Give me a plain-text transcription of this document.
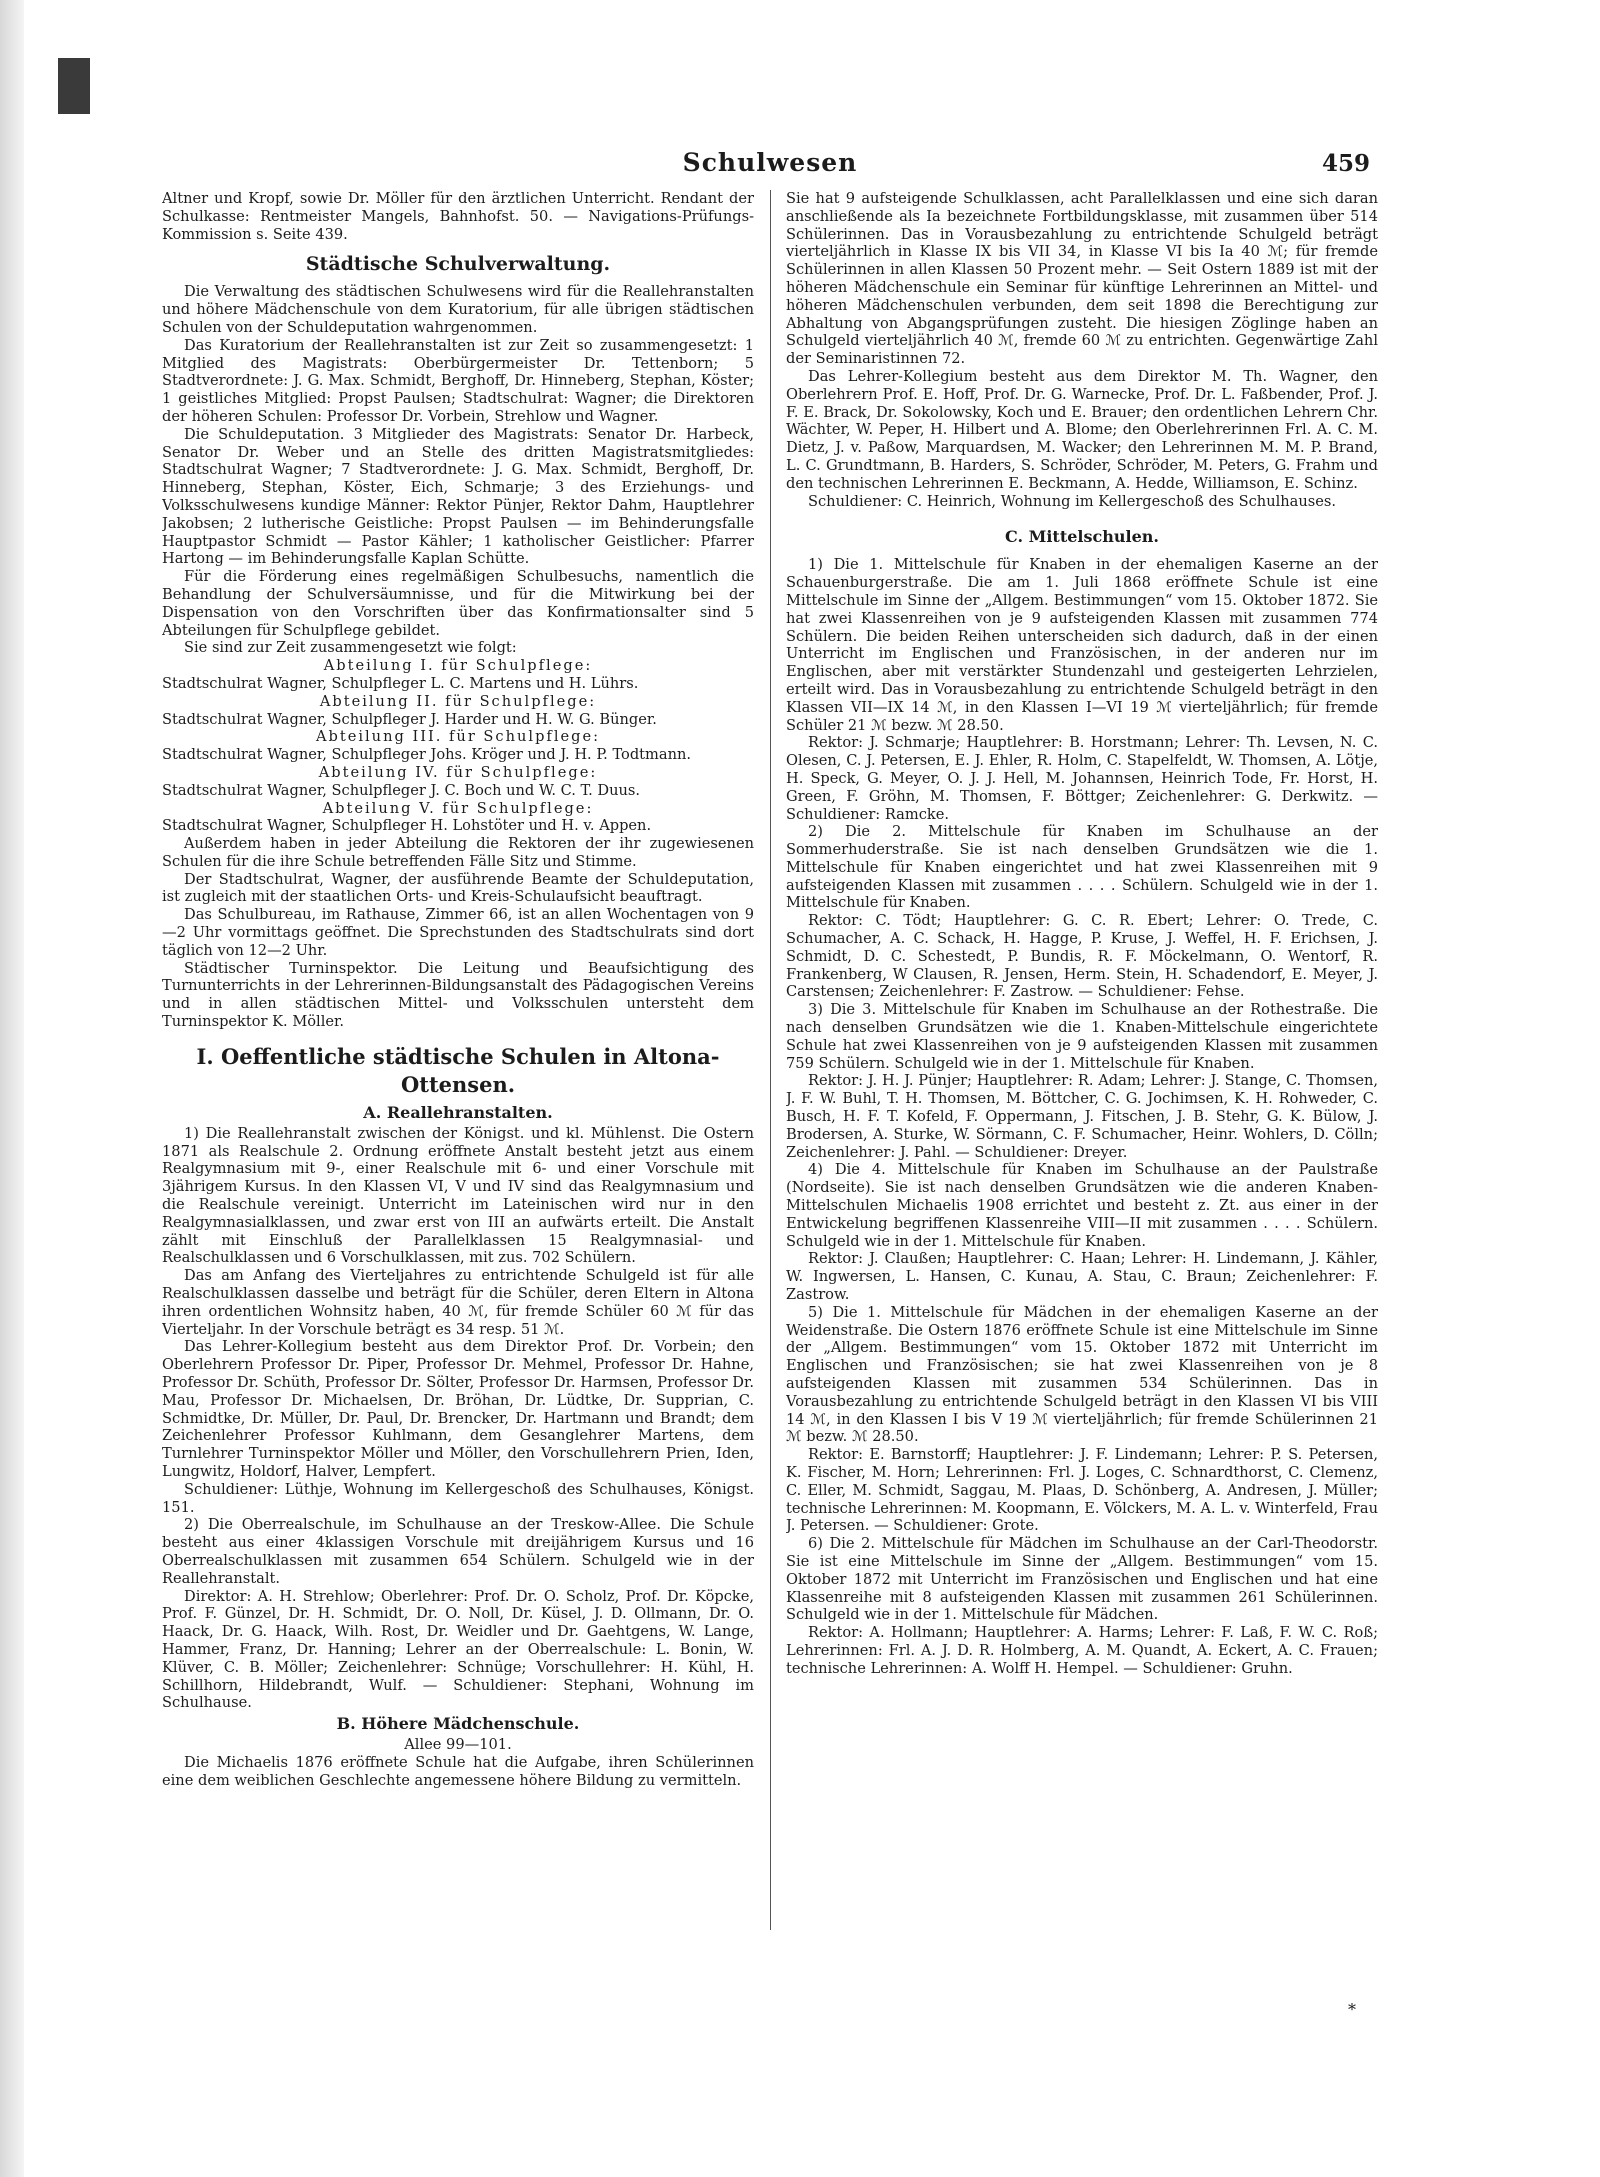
Schulwesen	459

Altner und Kropf, sowie Dr. Möller für den ärztlichen Unterricht. Rendant der Schulkasse: Rentmeister Mangels, Bahnhofst. 50. — Navigations-Prüfungs-Kommission s. Seite 439.

Städtische Schulverwaltung.

Die Verwaltung des städtischen Schulwesens wird für die Reallehranstalten und höhere Mädchenschule von dem Kuratorium, für alle übrigen städtischen Schulen von der Schuldeputation wahrgenommen.

Das Kuratorium der Reallehranstalten ist zur Zeit so zusammengesetzt: 1 Mitglied des Magistrats: Oberbürgermeister Dr. Tettenborn; 5 Stadtverordnete: J. G. Max. Schmidt, Berghoff, Dr. Hinneberg, Stephan, Köster; 1 geistliches Mitglied: Propst Paulsen; Stadtschulrat: Wagner; die Direktoren der höheren Schulen: Professor Dr. Vorbein, Strehlow und Wagner.

Die Schuldeputation. 3 Mitglieder des Magistrats: Senator Dr. Harbeck, Senator Dr. Weber und an Stelle des dritten Magistratsmitgliedes: Stadtschulrat Wagner; 7 Stadtverordnete: J. G. Max. Schmidt, Berghoff, Dr. Hinneberg, Stephan, Köster, Eich, Schmarje; 3 des Erziehungs- und Volksschulwesens kundige Männer: Rektor Pünjer, Rektor Dahm, Hauptlehrer Jakobsen; 2 lutherische Geistliche: Propst Paulsen — im Behinderungsfalle Hauptpastor Schmidt — Pastor Kähler; 1 katholischer Geistlicher: Pfarrer Hartong — im Behinderungsfalle Kaplan Schütte.

Für die Förderung eines regelmäßigen Schulbesuchs, namentlich die Behandlung der Schulversäumnisse, und für die Mitwirkung bei der Dispensation von den Vorschriften über das Konfirmationsalter sind 5 Abteilungen für Schulpflege gebildet.

Sie sind zur Zeit zusammengesetzt wie folgt:

Abteilung I. für Schulpflege:

Stadtschulrat Wagner, Schulpfleger L. C. Martens und H. Lührs.

Abteilung II. für Schulpflege:

Stadtschulrat Wagner, Schulpfleger J. Harder und H. W. G. Bünger.

Abteilung III. für Schulpflege:

Stadtschulrat Wagner, Schulpfleger Johs. Kröger und J. H. P. Todtmann.

Abteilung IV. für Schulpflege:

Stadtschulrat Wagner, Schulpfleger J. C. Boch und W. C. T. Duus.

Abteilung V. für Schulpflege:

Stadtschulrat Wagner, Schulpfleger H. Lohstöter und H. v. Appen.

Außerdem haben in jeder Abteilung die Rektoren der ihr zugewiesenen Schulen für die ihre Schule betreffenden Fälle Sitz und Stimme.

Der Stadtschulrat, Wagner, der ausführende Beamte der Schuldeputation, ist zugleich mit der staatlichen Orts- und Kreis-Schulaufsicht beauftragt.

Das Schulbureau, im Rathause, Zimmer 66, ist an allen Wochentagen von 9—2 Uhr vormittags geöffnet. Die Sprechstunden des Stadtschulrats sind dort täglich von 12—2 Uhr.

Städtischer Turninspektor. Die Leitung und Beaufsichtigung des Turnunterrichts in der Lehrerinnen-Bildungsanstalt des Pädagogischen Vereins und in allen städtischen Mittel- und Volksschulen untersteht dem Turninspektor K. Möller.

I. Oeffentliche städtische Schulen in Altona-Ottensen.
A. Reallehranstalten.

1) Die Reallehranstalt zwischen der Königst. und kl. Mühlenst. Die Ostern 1871 als Realschule 2. Ordnung eröffnete Anstalt besteht jetzt aus einem Realgymnasium mit 9-, einer Realschule mit 6- und einer Vorschule mit 3jährigem Kursus. In den Klassen VI, V und IV sind das Realgymnasium und die Realschule vereinigt. Unterricht im Lateinischen wird nur in den Realgymnasialklassen, und zwar erst von III an aufwärts erteilt. Die Anstalt zählt mit Einschluß der Parallelklassen 15 Realgymnasial- und Realschulklassen und 6 Vorschulklassen, mit zus. 702 Schülern.

Das am Anfang des Vierteljahres zu entrichtende Schulgeld ist für alle Realschulklassen dasselbe und beträgt für die Schüler, deren Eltern in Altona ihren ordentlichen Wohnsitz haben, 40 ℳ, für fremde Schüler 60 ℳ für das Vierteljahr. In der Vorschule beträgt es 34 resp. 51 ℳ.

Das Lehrer-Kollegium besteht aus dem Direktor Prof. Dr. Vorbein; den Oberlehrern Professor Dr. Piper, Professor Dr. Mehmel, Professor Dr. Hahne, Professor Dr. Schüth, Professor Dr. Sölter, Professor Dr. Harmsen, Professor Dr. Mau, Professor Dr. Michaelsen, Dr. Bröhan, Dr. Lüdtke, Dr. Supprian, C. Schmidtke, Dr. Müller, Dr. Paul, Dr. Brencker, Dr. Hartmann und Brandt; dem Zeichenlehrer Professor Kuhlmann, dem Gesanglehrer Martens, dem Turnlehrer Turninspektor Möller und Möller, den Vorschullehrern Prien, Iden, Lungwitz, Holdorf, Halver, Lempfert.

Schuldiener: Lüthje, Wohnung im Kellergeschoß des Schulhauses, Königst. 151.

2) Die Oberrealschule, im Schulhause an der Treskow-Allee. Die Schule besteht aus einer 4klassigen Vorschule mit dreijährigem Kursus und 16 Oberrealschulklassen mit zusammen 654 Schülern. Schulgeld wie in der Reallehranstalt.

Direktor: A. H. Strehlow; Oberlehrer: Prof. Dr. O. Scholz, Prof. Dr. Köpcke, Prof. F. Günzel, Dr. H. Schmidt, Dr. O. Noll, Dr. Küsel, J. D. Ollmann, Dr. O. Haack, Dr. G. Haack, Wilh. Rost, Dr. Weidler und Dr. Gaehtgens, W. Lange, Hammer, Franz, Dr. Hanning; Lehrer an der Oberrealschule: L. Bonin, W. Klüver, C. B. Möller; Zeichenlehrer: Schnüge; Vorschullehrer: H. Kühl, H. Schillhorn, Hildebrandt, Wulf. — Schuldiener: Stephani, Wohnung im Schulhause.

B. Höhere Mädchenschule.

Allee 99—101.

Die Michaelis 1876 eröffnete Schule hat die Aufgabe, ihren Schülerinnen eine dem weiblichen Geschlechte angemessene höhere Bildung zu vermitteln.

Sie hat 9 aufsteigende Schulklassen, acht Parallelklassen und eine sich daran anschließende als Ia bezeichnete Fortbildungsklasse, mit zusammen über 514 Schülerinnen. Das in Vorausbezahlung zu entrichtende Schulgeld beträgt vierteljährlich in Klasse IX bis VII 34, in Klasse VI bis Ia 40 ℳ; für fremde Schülerinnen in allen Klassen 50 Prozent mehr. — Seit Ostern 1889 ist mit der höheren Mädchenschule ein Seminar für künftige Lehrerinnen an Mittel- und höheren Mädchenschulen verbunden, dem seit 1898 die Berechtigung zur Abhaltung von Abgangsprüfungen zusteht. Die hiesigen Zöglinge haben an Schulgeld vierteljährlich 40 ℳ, fremde 60 ℳ zu entrichten. Gegenwärtige Zahl der Seminaristinnen 72.

Das Lehrer-Kollegium besteht aus dem Direktor M. Th. Wagner, den Oberlehrern Prof. E. Hoff, Prof. Dr. G. Warnecke, Prof. Dr. L. Faßbender, Prof. J. F. E. Brack, Dr. Sokolowsky, Koch und E. Brauer; den ordentlichen Lehrern Chr. Wächter, W. Peper, H. Hilbert und A. Blome; den Oberlehrerinnen Frl. A. C. M. Dietz, J. v. Paßow, Marquardsen, M. Wacker; den Lehrerinnen M. M. P. Brand, L. C. Grundtmann, B. Harders, S. Schröder, Schröder, M. Peters, G. Frahm und den technischen Lehrerinnen E. Beckmann, A. Hedde, Williamson, E. Schinz.

Schuldiener: C. Heinrich, Wohnung im Kellergeschoß des Schulhauses.

C. Mittelschulen.

1) Die 1. Mittelschule für Knaben in der ehemaligen Kaserne an der Schauenburgerstraße. Die am 1. Juli 1868 eröffnete Schule ist eine Mittelschule im Sinne der „Allgem. Bestimmungen“ vom 15. Oktober 1872. Sie hat zwei Klassenreihen von je 9 aufsteigenden Klassen mit zusammen 774 Schülern. Die beiden Reihen unterscheiden sich dadurch, daß in der einen Unterricht im Englischen und Französischen, in der anderen nur im Englischen, aber mit verstärkter Stundenzahl und gesteigerten Lehrzielen, erteilt wird. Das in Vorausbezahlung zu entrichtende Schulgeld beträgt in den Klassen VII—IX 14 ℳ, in den Klassen I—VI 19 ℳ vierteljährlich; für fremde Schüler 21 ℳ bezw. ℳ 28.50.

Rektor: J. Schmarje; Hauptlehrer: B. Horstmann; Lehrer: Th. Levsen, N. C. Olesen, C. J. Petersen, E. J. Ehler, R. Holm, C. Stapelfeldt, W. Thomsen, A. Lötje, H. Speck, G. Meyer, O. J. J. Hell, M. Johannsen, Heinrich Tode, Fr. Horst, H. Green, F. Gröhn, M. Thomsen, F. Böttger; Zeichenlehrer: G. Derkwitz. — Schuldiener: Ramcke.

2) Die 2. Mittelschule für Knaben im Schulhause an der Sommerhuderstraße. Sie ist nach denselben Grundsätzen wie die 1. Mittelschule für Knaben eingerichtet und hat zwei Klassenreihen mit 9 aufsteigenden Klassen mit zusammen . . . . Schülern. Schulgeld wie in der 1. Mittelschule für Knaben.

Rektor: C. Tödt; Hauptlehrer: G. C. R. Ebert; Lehrer: O. Trede, C. Schumacher, A. C. Schack, H. Hagge, P. Kruse, J. Weffel, H. F. Erichsen, J. Schmidt, D. C. Schestedt, P. Bundis, R. F. Möckelmann, O. Wentorf, R. Frankenberg, W Clausen, R. Jensen, Herm. Stein, H. Schadendorf, E. Meyer, J. Carstensen; Zeichenlehrer: F. Zastrow. — Schuldiener: Fehse.

3) Die 3. Mittelschule für Knaben im Schulhause an der Rothestraße. Die nach denselben Grundsätzen wie die 1. Knaben-Mittelschule eingerichtete Schule hat zwei Klassenreihen von je 9 aufsteigenden Klassen mit zusammen 759 Schülern. Schulgeld wie in der 1. Mittelschule für Knaben.

Rektor: J. H. J. Pünjer; Hauptlehrer: R. Adam; Lehrer: J. Stange, C. Thomsen, J. F. W. Buhl, T. H. Thomsen, M. Böttcher, C. G. Jochimsen, K. H. Rohweder, C. Busch, H. F. T. Kofeld, F. Oppermann, J. Fitschen, J. B. Stehr, G. K. Bülow, J. Brodersen, A. Sturke, W. Sörmann, C. F. Schumacher, Heinr. Wohlers, D. Cölln; Zeichenlehrer: J. Pahl. — Schuldiener: Dreyer.

4) Die 4. Mittelschule für Knaben im Schulhause an der Paulstraße (Nordseite). Sie ist nach denselben Grundsätzen wie die anderen Knaben-Mittelschulen Michaelis 1908 errichtet und besteht z. Zt. aus einer in der Entwickelung begriffenen Klassenreihe VIII—II mit zusammen . . . . Schülern. Schulgeld wie in der 1. Mittelschule für Knaben.

Rektor: J. Claußen; Hauptlehrer: C. Haan; Lehrer: H. Lindemann, J. Kähler, W. Ingwersen, L. Hansen, C. Kunau, A. Stau, C. Braun; Zeichenlehrer: F. Zastrow.

5) Die 1. Mittelschule für Mädchen in der ehemaligen Kaserne an der Weidenstraße. Die Ostern 1876 eröffnete Schule ist eine Mittelschule im Sinne der „Allgem. Bestimmungen“ vom 15. Oktober 1872 mit Unterricht im Englischen und Französischen; sie hat zwei Klassenreihen von je 8 aufsteigenden Klassen mit zusammen 534 Schülerinnen. Das in Vorausbezahlung zu entrichtende Schulgeld beträgt in den Klassen VI bis VIII 14 ℳ, in den Klassen I bis V 19 ℳ vierteljährlich; für fremde Schülerinnen 21 ℳ bezw. ℳ 28.50.

Rektor: E. Barnstorff; Hauptlehrer: J. F. Lindemann; Lehrer: P. S. Petersen, K. Fischer, M. Horn; Lehrerinnen: Frl. J. Loges, C. Schnardthorst, C. Clemenz, C. Eller, M. Schmidt, Saggau, M. Plaas, D. Schönberg, A. Andresen, J. Müller; technische Lehrerinnen: M. Koopmann, E. Völckers, M. A. L. v. Winterfeld, Frau J. Petersen. — Schuldiener: Grote.

6) Die 2. Mittelschule für Mädchen im Schulhause an der Carl-Theodorstr. Sie ist eine Mittelschule im Sinne der „Allgem. Bestimmungen“ vom 15. Oktober 1872 mit Unterricht im Französischen und Englischen und hat eine Klassenreihe mit 8 aufsteigenden Klassen mit zusammen 261 Schülerinnen. Schulgeld wie in der 1. Mittelschule für Mädchen.

Rektor: A. Hollmann; Hauptlehrer: A. Harms; Lehrer: F. Laß, F. W. C. Roß; Lehrerinnen: Frl. A. J. D. R. Holmberg, A. M. Quandt, A. Eckert, A. C. Frauen; technische Lehrerinnen: A. Wolff H. Hempel. — Schuldiener: Gruhn.

*
